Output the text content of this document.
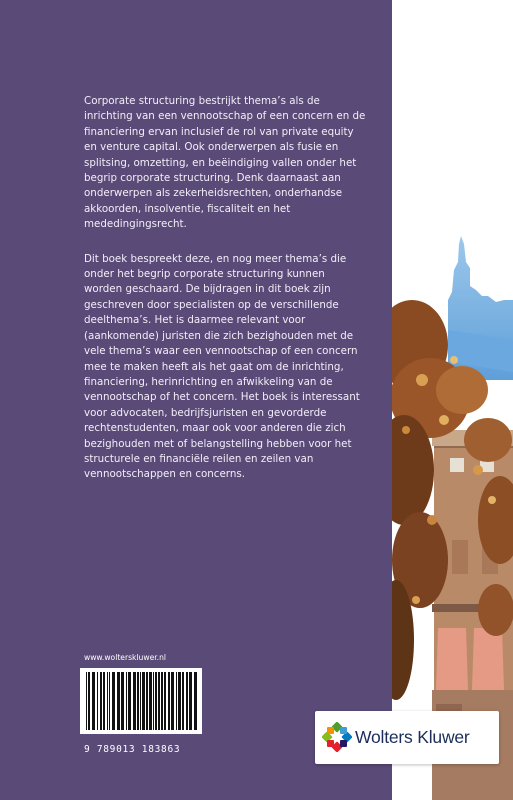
Corporate structuring bestrijkt thema’s als de inrichting van een vennootschap of een concern en de financiering ervan inclusief de rol van private equity en venture capital. Ook onderwerpen als fusie en splitsing, omzetting, en beëindiging vallen onder het begrip corporate structuring. Denk daarnaast aan onderwerpen als zekerheidsrechten, onderhandse akkoorden, insolventie, fiscaliteit en het mededingingsrecht.

Dit boek bespreekt deze, en nog meer thema’s die onder het begrip corporate structuring kunnen worden geschaard. De bijdragen in dit boek zijn geschreven door specialisten op de verschillende deelthema’s. Het is daarmee relevant voor (aankomende) juristen die zich bezighouden met de vele thema’s waar een vennootschap of een concern mee te maken heeft als het gaat om de inrichting, financiering, herinrichting en afwikkeling van de vennootschap of het concern. Het boek is interessant voor advocaten, bedrijfsjuristen en gevorderde rechtenstudenten, maar ook voor anderen die zich bezighouden met of belangstelling hebben voor het structurele en financiële reilen en zeilen van vennootschappen en concerns.

www.wolterskluwer.nl
9 789013 183863
Wolters Kluwer
